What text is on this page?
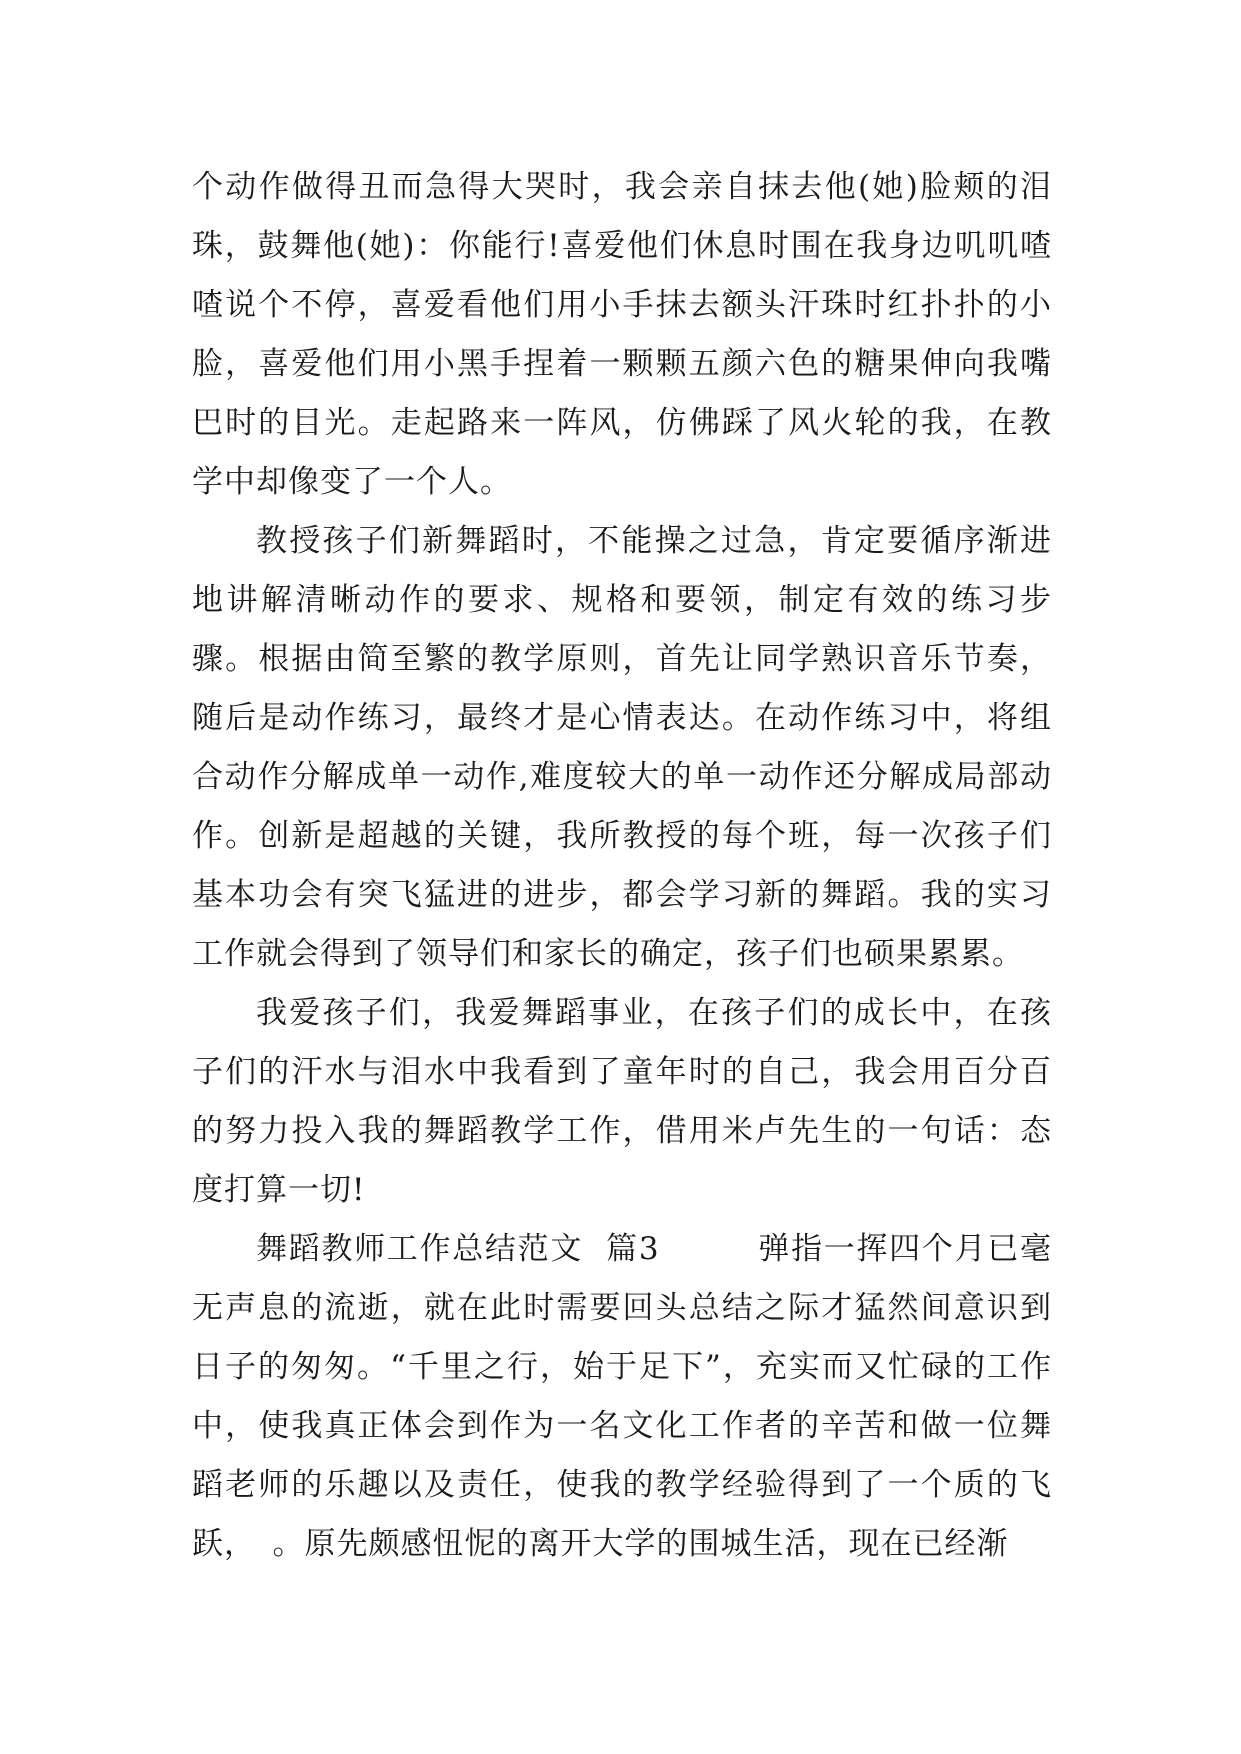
个动作做得丑而急得大哭时，我会亲自抹去他(她)脸颊的泪珠，鼓舞他(她)：你能行!喜爱他们休息时围在我身边叽叽喳喳说个不停，喜爱看他们用小手抹去额头汗珠时红扑扑的小脸，喜爱他们用小黑手捏着一颗颗五颜六色的糖果伸向我嘴巴时的目光。走起路来一阵风，仿佛踩了风火轮的我，在教学中却像变了一个人。

教授孩子们新舞蹈时，不能操之过急，肯定要循序渐进地讲解清晰动作的要求、规格和要领，制定有效的练习步骤。根据由简至繁的教学原则，首先让同学熟识音乐节奏，随后是动作练习，最终才是心情表达。在动作练习中，将组合动作分解成单一动作,难度较大的单一动作还分解成局部动作。创新是超越的关键，我所教授的每个班，每一次孩子们基本功会有突飞猛进的进步，都会学习新的舞蹈。我的实习工作就会得到了领导们和家长的确定，孩子们也硕果累累。

我爱孩子们，我爱舞蹈事业，在孩子们的成长中，在孩子们的汗水与泪水中我看到了童年时的自己，我会用百分百的努力投入我的舞蹈教学工作，借用米卢先生的一句话：态度打算一切!

舞蹈教师工作总结范文  篇3　　　	弹指一挥四个月已毫无声息的流逝，就在此时需要回头总结之际才猛然间意识到日子的匆匆。“千里之行，始于足下”，充实而又忙碌的工作中，使我真正体会到作为一名文化工作者的辛苦和做一位舞蹈老师的乐趣以及责任，使我的教学经验得到了一个质的飞跃，　。原先颇感忸怩的离开大学的围城生活，现在已经渐
